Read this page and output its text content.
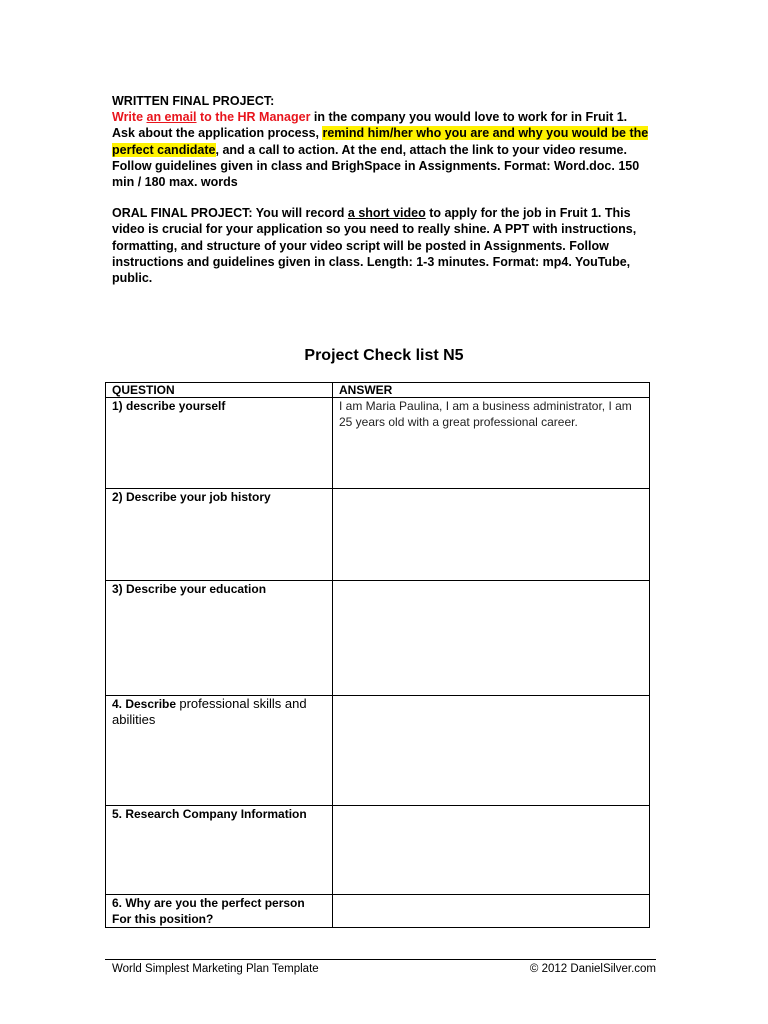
WRITTEN FINAL PROJECT:
Write an email to the HR Manager in the company you would love to work for in Fruit 1. Ask about the application process, remind him/her who you are and why you would be the perfect candidate, and a call to action. At the end, attach the link to your video resume. Follow guidelines given in class and BrighSpace in Assignments. Format: Word.doc. 150 min / 180 max. words

ORAL FINAL PROJECT: You will record a short video to apply for the job in Fruit 1. This video is crucial for your application so you need to really shine. A PPT with instructions, formatting, and structure of your video script will be posted in Assignments. Follow instructions and guidelines given in class. Length: 1-3 minutes. Format: mp4. YouTube, public.

Project Check list N5
QUESTION	ANSWER
1) describe yourself	I am Maria Paulina, I am a business administrator, I am 25 years old with a great professional career.
2) Describe your job history	
3) Describe your education	
4. Describe professional skills and abilities	
5. Research Company Information	
6. Why are you the perfect person For this position?	
World Simplest Marketing Plan Template	© 2012 DanielSilver.com
